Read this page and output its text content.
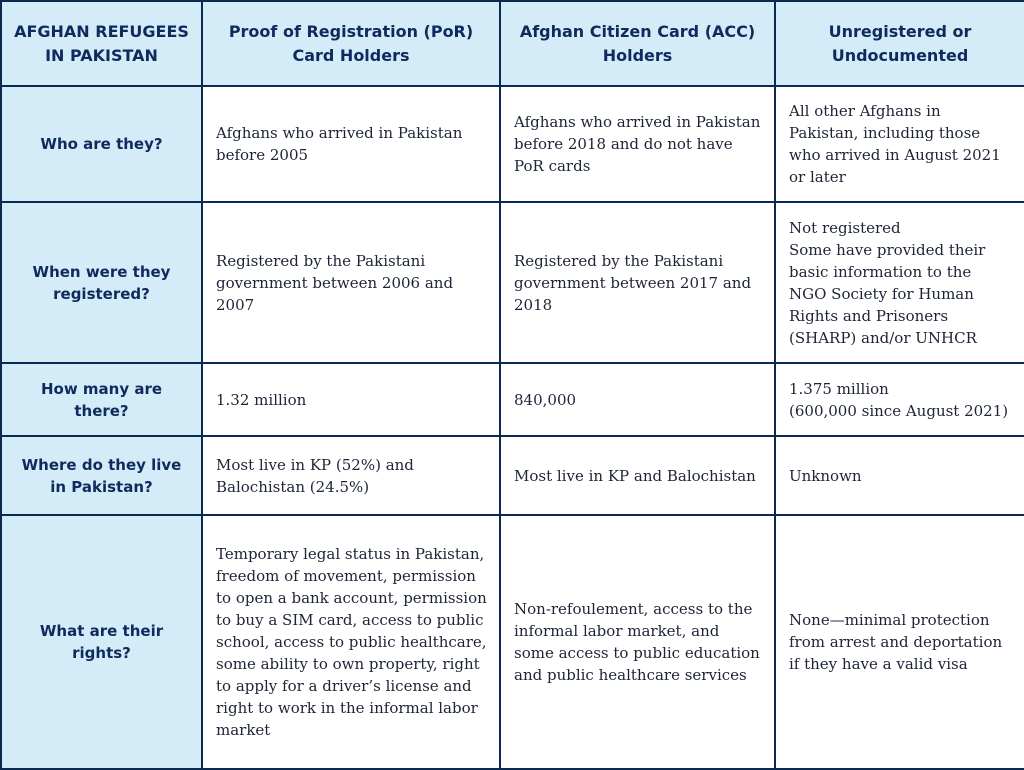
AFGHAN REFUGEES IN PAKISTAN	Proof of Registration (PoR) Card Holders	Afghan Citizen Card (ACC) Holders	Unregistered or Undocumented
Who are they?	Afghans who arrived in Pakistan before 2005	Afghans who arrived in Pakistan before 2018 and do not have PoR cards	All other Afghans in Pakistan, including those who arrived in August 2021 or later

When were they registered?	Registered by the Pakistani government between 2006 and 2007	Registered by the Pakistani government between 2017 and 2018	Not registered
Some have provided their basic information to the NGO Society for Human Rights and Prisoners (SHARP) and/or UNHCR

How many are there?	1.32 million	840,000	1.375 million
(600,000 since August 2021)

Where do they live in Pakistan?	Most live in KP (52%) and Balochistan (24.5%)	Most live in KP and Balochistan	Unknown

What are their rights?	Temporary legal status in Pakistan, freedom of movement, permission to open a bank account, permission to buy a SIM card, access to public school, access to public healthcare, some ability to own property, right to apply for a driver’s license and right to work in the informal labor market	Non-refoulement, access to the informal labor market, and some access to public education and public healthcare services	None—minimal protection from arrest and deportation if they have a valid visa
